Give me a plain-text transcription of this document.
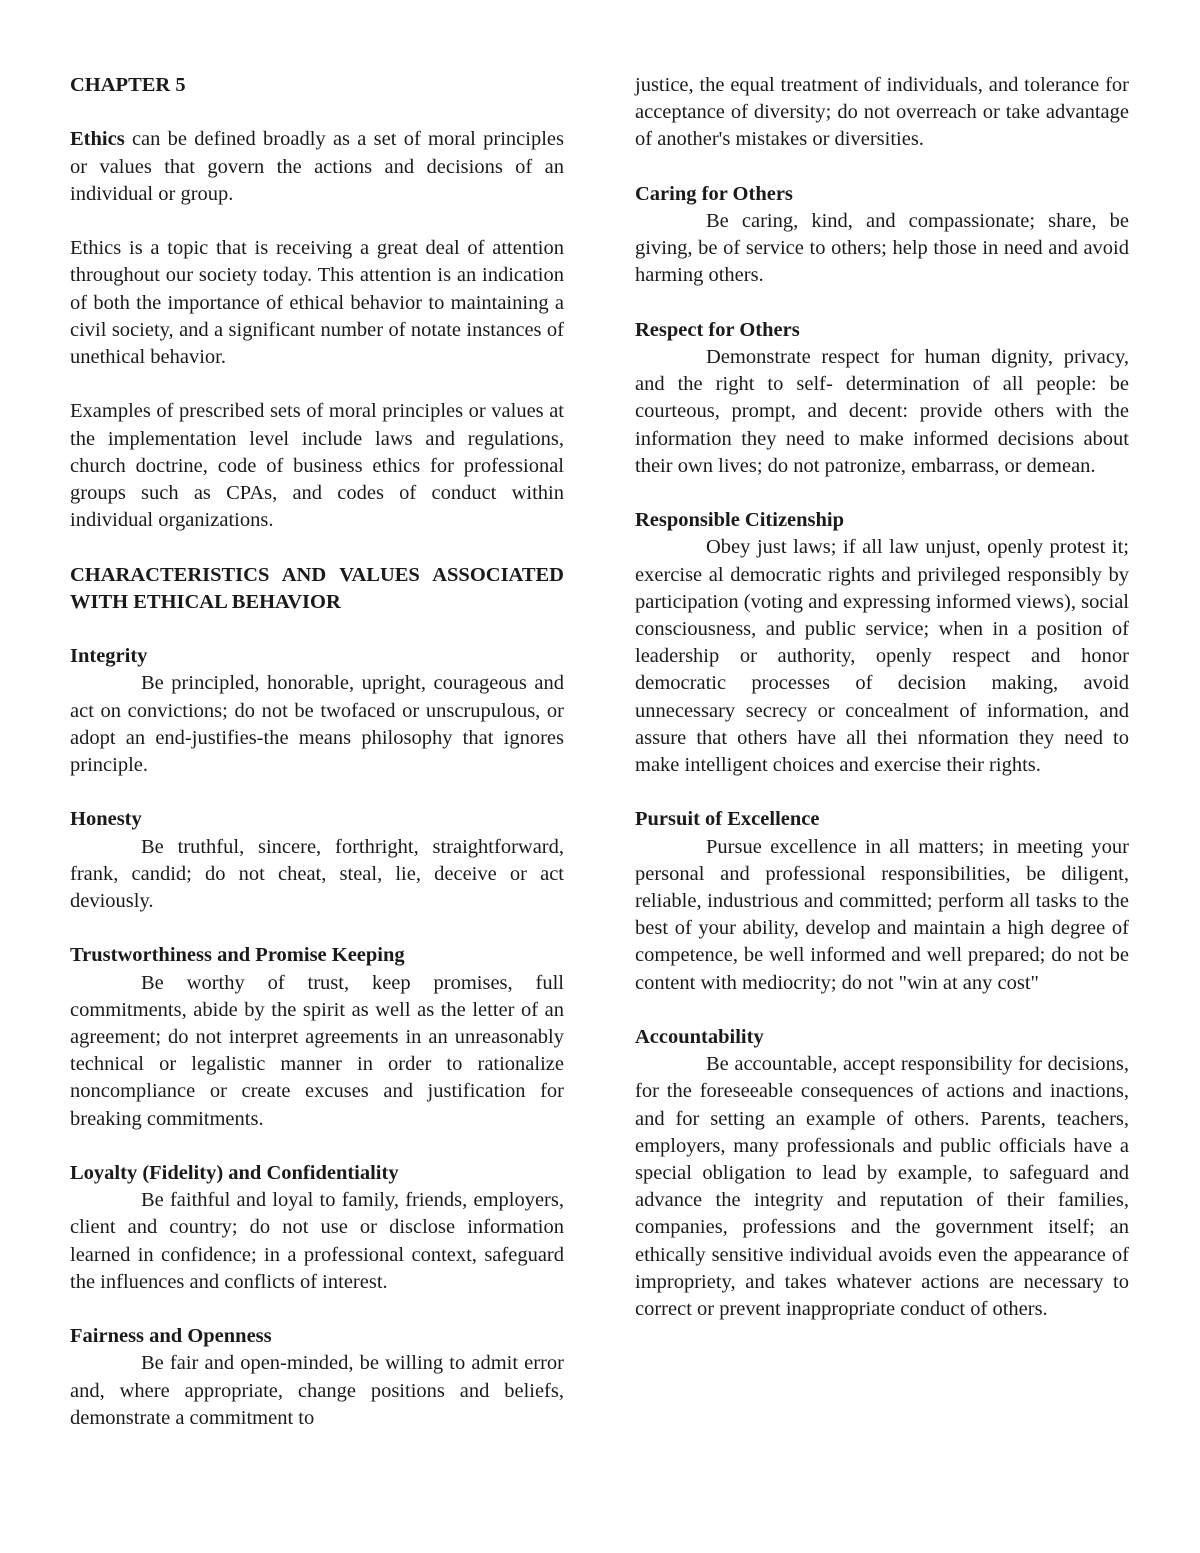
CHAPTER 5

Ethics can be defined broadly as a set of moral principles or values that govern the actions and decisions of an individual or group.

Ethics is a topic that is receiving a great deal of attention throughout our society today. This attention is an indication of both the importance of ethical behavior to maintaining a civil society, and a significant number of notate instances of unethical behavior.

Examples of prescribed sets of moral principles or values at the implementation level include laws and regulations, church doctrine, code of business ethics for professional groups such as CPAs, and codes of conduct within individual organizations.

CHARACTERISTICS AND VALUES ASSOCIATED WITH ETHICAL BEHAVIOR

Integrity

Be principled, honorable, upright, courageous and act on convictions; do not be twofaced or unscrupulous, or adopt an end-justifies-the means philosophy that ignores principle.

Honesty

Be truthful, sincere, forthright, straightforward, frank, candid; do not cheat, steal, lie, deceive or act deviously.

Trustworthiness and Promise Keeping

Be worthy of trust, keep promises, full commitments, abide by the spirit as well as the letter of an agreement; do not interpret agreements in an unreasonably technical or legalistic manner in order to rationalize noncompliance or create excuses and justification for breaking commitments.

Loyalty (Fidelity) and Confidentiality

Be faithful and loyal to family, friends, employers, client and country; do not use or disclose information learned in confidence; in a professional context, safeguard the influences and conflicts of interest.

Fairness and Openness

Be fair and open-minded, be willing to admit error and, where appropriate, change positions and beliefs, demonstrate a commitment to

justice, the equal treatment of individuals, and tolerance for acceptance of diversity; do not overreach or take advantage of another's mistakes or diversities.

Caring for Others

Be caring, kind, and compassionate; share, be giving, be of service to others; help those in need and avoid harming others.

Respect for Others

Demonstrate respect for human dignity, privacy, and the right to self- determination of all people: be courteous, prompt, and decent: provide others with the information they need to make informed decisions about their own lives; do not patronize, embarrass, or demean.

Responsible Citizenship

Obey just laws; if all law unjust, openly protest it; exercise al democratic rights and privileged responsibly by participation (voting and expressing informed views), social consciousness, and public service; when in a position of leadership or authority, openly respect and honor democratic processes of decision making, avoid unnecessary secrecy or concealment of information, and assure that others have all thei nformation they need to make intelligent choices and exercise their rights.

Pursuit of Excellence

Pursue excellence in all matters; in meeting your personal and professional responsibilities, be diligent, reliable, industrious and committed; perform all tasks to the best of your ability, develop and maintain a high degree of competence, be well informed and well prepared; do not be content with mediocrity; do not "win at any cost"

Accountability

Be accountable, accept responsibility for decisions, for the foreseeable consequences of actions and inactions, and for setting an example of others. Parents, teachers, employers, many professionals and public officials have a special obligation to lead by example, to safeguard and advance the integrity and reputation of their families, companies, professions and the government itself; an ethically sensitive individual avoids even the appearance of impropriety, and takes whatever actions are necessary to correct or prevent inappropriate conduct of others.
